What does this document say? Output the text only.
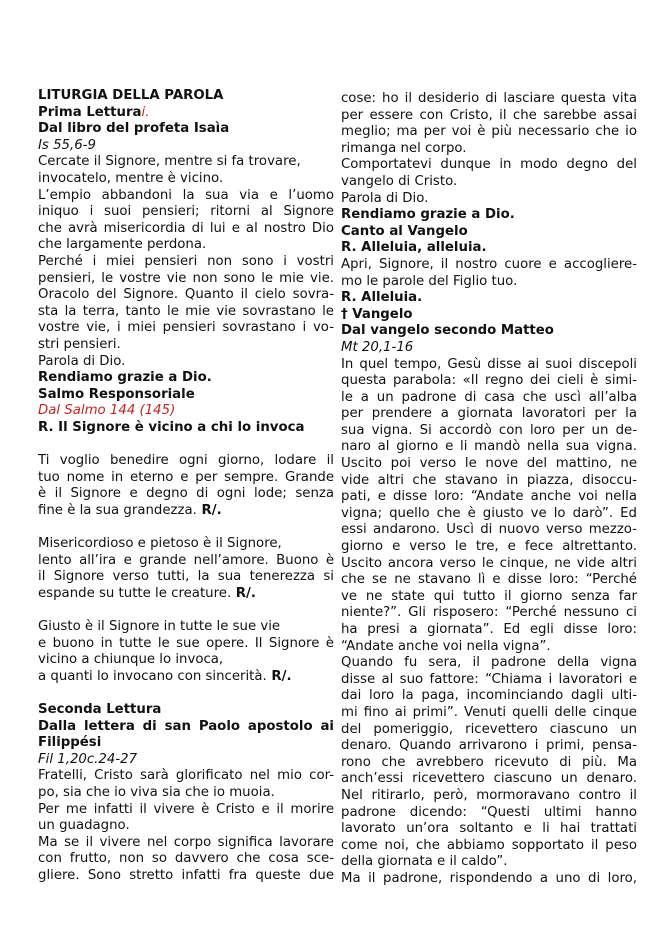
LITURGIA DELLA PAROLA
Prima Letturai.
Dal libro del profeta Isaìa
Is 55,6-9
Cercate il Signore, mentre si fa trovare,
invocatelo, mentre è vicino.
L’empio abbandoni la sua via e l’uomo
iniquo i suoi pensieri; ritorni al Signore
che avrà misericordia di lui e al nostro Dio
che largamente perdona.
Perché i miei pensieri non sono i vostri
pensieri, le vostre vie non sono le mie vie.
Oracolo del Signore. Quanto il cielo sovra-
sta la terra, tanto le mie vie sovrastano le
vostre vie, i miei pensieri sovrastano i vo-
stri pensieri.
Parola di Dio.
Rendiamo grazie a Dio.
Salmo Responsoriale
Dal Salmo 144 (145)
R. Il Signore è vicino a chi lo invoca
Ti voglio benedire ogni giorno, lodare il
tuo nome in eterno e per sempre. Grande
è il Signore e degno di ogni lode; senza
fine è la sua grandezza. R/.
Misericordioso e pietoso è il Signore,
lento all’ira e grande nell’amore. Buono è
il Signore verso tutti, la sua tenerezza si
espande su tutte le creature. R/.
Giusto è il Signore in tutte le sue vie
e buono in tutte le sue opere. Il Signore è
vicino a chiunque lo invoca,
a quanti lo invocano con sincerità. R/.
Seconda Lettura
Dalla lettera di san Paolo apostolo ai
Filippési
Fil 1,20c.24-27
Fratelli, Cristo sarà glorificato nel mio cor-
po, sia che io viva sia che io muoia.
Per me infatti il vivere è Cristo e il morire
un guadagno.
Ma se il vivere nel corpo significa lavorare
con frutto, non so davvero che cosa sce-
gliere. Sono stretto infatti fra queste due
cose: ho il desiderio di lasciare questa vita
per essere con Cristo, il che sarebbe assai
meglio; ma per voi è più necessario che io
rimanga nel corpo.
Comportatevi dunque in modo degno del
vangelo di Cristo.
Parola di Dio.
Rendiamo grazie a Dio.
Canto al Vangelo
R. Alleluia, alleluia.
Apri, Signore, il nostro cuore e accogliere-
mo le parole del Figlio tuo.
R. Alleluia.
† Vangelo
Dal vangelo secondo Matteo
Mt 20,1-16
In quel tempo, Gesù disse ai suoi discepoli
questa parabola: «Il regno dei cieli è simi-
le a un padrone di casa che uscì all’alba
per prendere a giornata lavoratori per la
sua vigna. Si accordò con loro per un de-
naro al giorno e li mandò nella sua vigna.
Uscito poi verso le nove del mattino, ne
vide altri che stavano in piazza, disoccu-
pati, e disse loro: “Andate anche voi nella
vigna; quello che è giusto ve lo darò”. Ed
essi andarono. Uscì di nuovo verso mezzo-
giorno e verso le tre, e fece altrettanto.
Uscito ancora verso le cinque, ne vide altri
che se ne stavano lì e disse loro: “Perché
ve ne state qui tutto il giorno senza far
niente?”. Gli risposero: “Perché nessuno ci
ha presi a giornata”. Ed egli disse loro:
“Andate anche voi nella vigna”.
Quando fu sera, il padrone della vigna
disse al suo fattore: “Chiama i lavoratori e
dai loro la paga, incominciando dagli ulti-
mi fino ai primi”. Venuti quelli delle cinque
del pomeriggio, ricevettero ciascuno un
denaro. Quando arrivarono i primi, pensa-
rono che avrebbero ricevuto di più. Ma
anch’essi ricevettero ciascuno un denaro.
Nel ritirarlo, però, mormoravano contro il
padrone dicendo: “Questi ultimi hanno
lavorato un’ora soltanto e li hai trattati
come noi, che abbiamo sopportato il peso
della giornata e il caldo”.
Ma il padrone, rispondendo a uno di loro,
